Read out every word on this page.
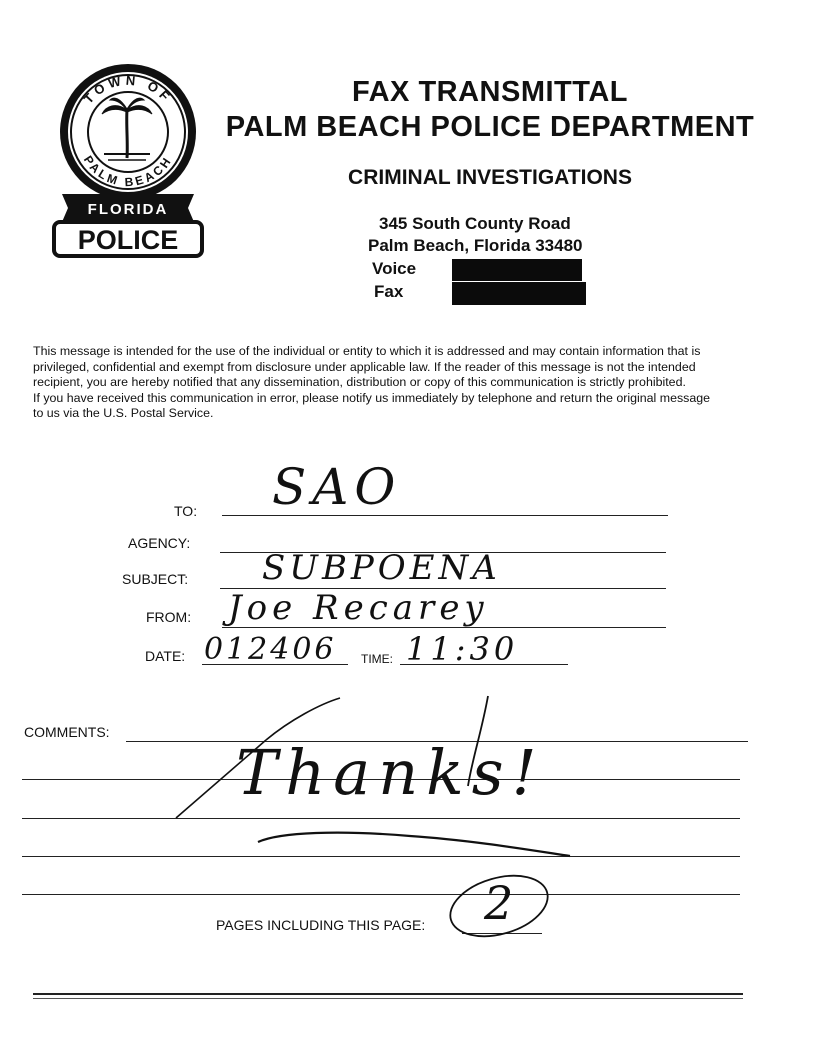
TOWN OF
PALM BEACH
FLORIDA
POLICE
FAX TRANSMITTAL
PALM BEACH POLICE DEPARTMENT
CRIMINAL INVESTIGATIONS
345 South County Road
Palm Beach, Florida 33480
Voice
Fax
This message is intended for the use of the individual or entity to which it is addressed and may contain information that is
privileged, confidential and exempt from disclosure under applicable law. If the reader of this message is not the intended
recipient, you are hereby notified that any dissemination, distribution or copy of this communication is strictly prohibited.
If you have received this communication in error, please notify us immediately by telephone and return the original message
to us via the U.S. Postal Service.
TO: SAO
AGENCY:
SUBJECT: SUBPOENA
FROM: Joe Recarey
DATE: 012406 TIME: 11:30
COMMENTS:
Thanks!
PAGES INCLUDING THIS PAGE: 2
